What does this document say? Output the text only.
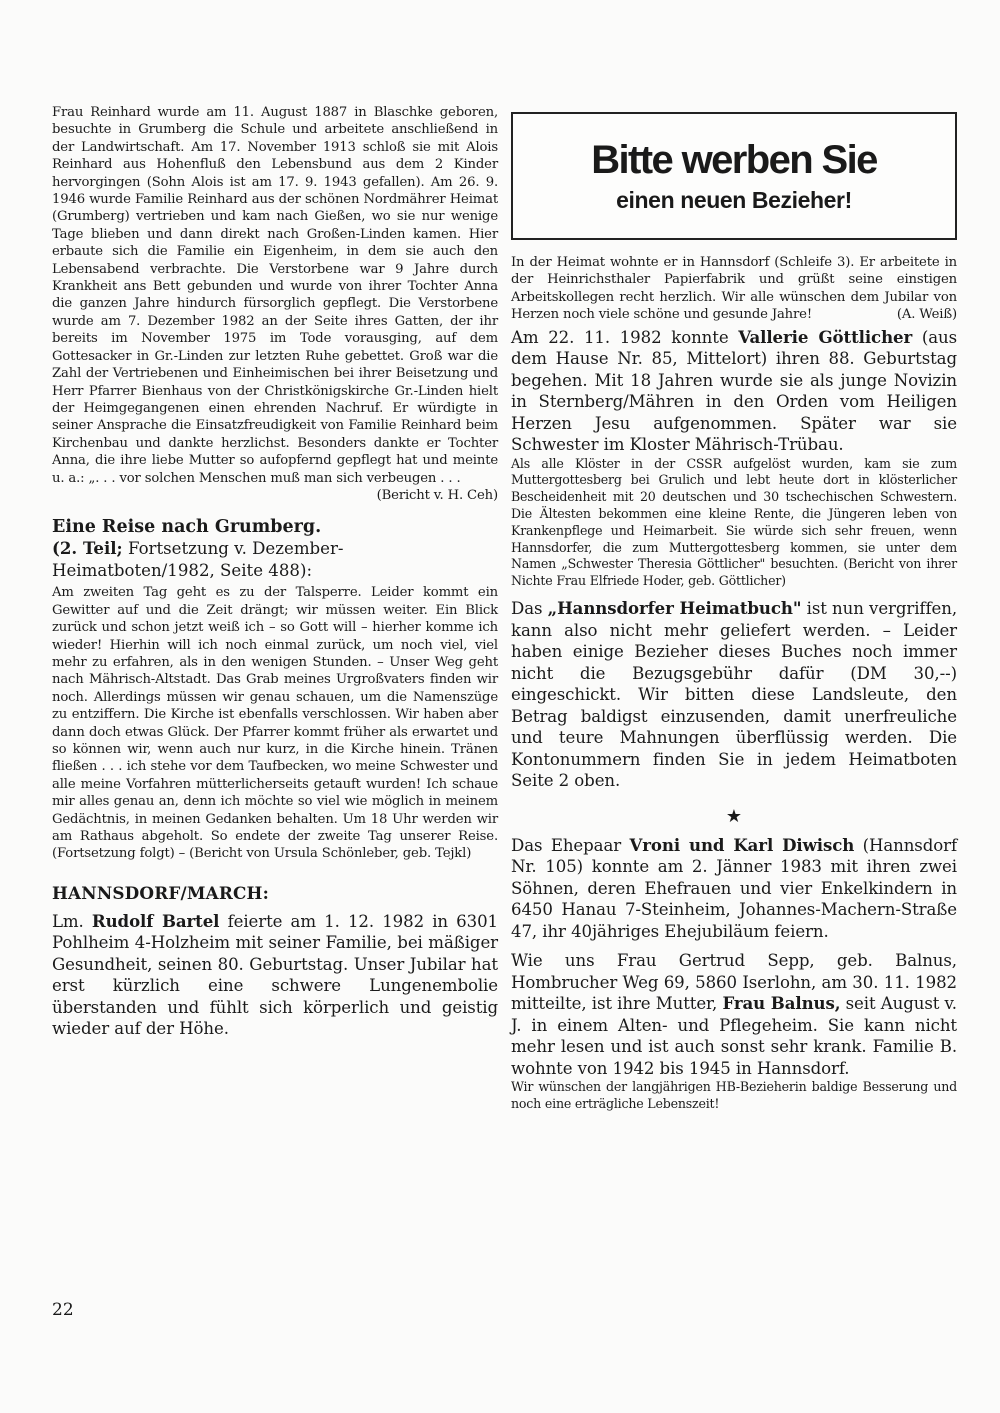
Frau Reinhard wurde am 11. August 1887 in Blaschke geboren, besuchte in Grumberg die Schule und arbeitete anschließend in der Landwirtschaft. Am 17. November 1913 schloß sie mit Alois Reinhard aus Hohenfluß den Lebensbund aus dem 2 Kinder hervorgingen (Sohn Alois ist am 17. 9. 1943 gefallen). Am 26. 9. 1946 wurde Familie Reinhard aus der schönen Nordmährer Heimat (Grumberg) vertrieben und kam nach Gießen, wo sie nur wenige Tage blieben und dann direkt nach Großen-Linden kamen. Hier erbaute sich die Familie ein Eigenheim, in dem sie auch den Lebensabend verbrachte. Die Verstorbene war 9 Jahre durch Krankheit ans Bett gebunden und wurde von ihrer Tochter Anna die ganzen Jahre hindurch fürsorglich gepflegt. Die Verstorbene wurde am 7. Dezember 1982 an der Seite ihres Gatten, der ihr bereits im November 1975 im Tode vorausging, auf dem Gottesacker in Gr.-Linden zur letzten Ruhe gebettet. Groß war die Zahl der Vertriebenen und Einheimischen bei ihrer Beisetzung und Herr Pfarrer Bienhaus von der Christkönigskirche Gr.-Linden hielt der Heimgegangenen einen ehrenden Nachruf. Er würdigte in seiner Ansprache die Einsatzfreudigkeit von Familie Reinhard beim Kirchenbau und dankte herzlichst. Besonders dankte er Tochter Anna, die ihre liebe Mutter so aufopfernd gepflegt hat und meinte u. a.: „. . . vor solchen Menschen muß man sich verbeugen . . .
(Bericht v. H. Ceh)

Eine Reise nach Grumberg.

(2. Teil; Fortsetzung v. Dezember-Heimatboten/1982, Seite 488):

Am zweiten Tag geht es zu der Talsperre. Leider kommt ein Gewitter auf und die Zeit drängt; wir müssen weiter. Ein Blick zurück und schon jetzt weiß ich – so Gott will – hierher komme ich wieder! Hierhin will ich noch einmal zurück, um noch viel, viel mehr zu erfahren, als in den wenigen Stunden. – Unser Weg geht nach Mährisch-Altstadt. Das Grab meines Urgroßvaters finden wir noch. Allerdings müssen wir genau schauen, um die Namenszüge zu entziffern. Die Kirche ist ebenfalls verschlossen. Wir haben aber dann doch etwas Glück. Der Pfarrer kommt früher als erwartet und so können wir, wenn auch nur kurz, in die Kirche hinein. Tränen fließen . . . ich stehe vor dem Taufbecken, wo meine Schwester und alle meine Vorfahren mütterlicherseits getauft wurden! Ich schaue mir alles genau an, denn ich möchte so viel wie möglich in meinem Gedächtnis, in meinen Gedanken behalten. Um 18 Uhr werden wir am Rathaus abgeholt. So endete der zweite Tag unserer Reise. (Fortsetzung folgt) – (Bericht von Ursula Schönleber, geb. Tejkl)

HANNSDORF/MARCH:

Lm. Rudolf Bartel feierte am 1. 12. 1982 in 6301 Pohlheim 4-Holzheim mit seiner Familie, bei mäßiger Gesundheit, seinen 80. Geburtstag. Unser Jubilar hat erst kürzlich eine schwere Lungenembolie überstanden und fühlt sich körperlich und geistig wieder auf der Höhe.

Bitte werben Sie
einen neuen Bezieher!

In der Heimat wohnte er in Hannsdorf (Schleife 3). Er arbeitete in der Heinrichsthaler Papierfabrik und grüßt seine einstigen Arbeitskollegen recht herzlich. Wir alle wünschen dem Jubilar von Herzen noch viele schöne und gesunde Jahre!	(A. Weiß)

Am 22. 11. 1982 konnte Vallerie Göttlicher (aus dem Hause Nr. 85, Mittelort) ihren 88. Geburtstag begehen. Mit 18 Jahren wurde sie als junge Novizin in Sternberg/Mähren in den Orden vom Heiligen Herzen Jesu aufgenommen. Später war sie Schwester im Kloster Mährisch-Trübau.

Als alle Klöster in der CSSR aufgelöst wurden, kam sie zum Muttergottesberg bei Grulich und lebt heute dort in klösterlicher Bescheidenheit mit 20 deutschen und 30 tschechischen Schwestern. Die Ältesten bekommen eine kleine Rente, die Jüngeren leben von Krankenpflege und Heimarbeit. Sie würde sich sehr freuen, wenn Hannsdorfer, die zum Muttergottesberg kommen, sie unter dem Namen „Schwester Theresia Göttlicher" besuchten. (Bericht von ihrer Nichte Frau Elfriede Hoder, geb. Göttlicher)

Das „Hannsdorfer Heimatbuch" ist nun vergriffen, kann also nicht mehr geliefert werden. – Leider haben einige Bezieher dieses Buches noch immer nicht die Bezugsgebühr dafür (DM 30,--) eingeschickt. Wir bitten diese Landsleute, den Betrag baldigst einzusenden, damit unerfreuliche und teure Mahnungen überflüssig werden. Die Kontonummern finden Sie in jedem Heimatboten Seite 2 oben.

★

Das Ehepaar Vroni und Karl Diwisch (Hannsdorf Nr. 105) konnte am 2. Jänner 1983 mit ihren zwei Söhnen, deren Ehefrauen und vier Enkelkindern in 6450 Hanau 7-Steinheim, Johannes-Machern-Straße 47, ihr 40jähriges Ehejubiläum feiern.

Wie uns Frau Gertrud Sepp, geb. Balnus, Hombrucher Weg 69, 5860 Iserlohn, am 30. 11. 1982 mitteilte, ist ihre Mutter, Frau Balnus, seit August v. J. in einem Alten- und Pflegeheim. Sie kann nicht mehr lesen und ist auch sonst sehr krank. Familie B. wohnte von 1942 bis 1945 in Hannsdorf.

Wir wünschen der langjährigen HB-Bezieherin baldige Besserung und noch eine erträgliche Lebenszeit!

22
